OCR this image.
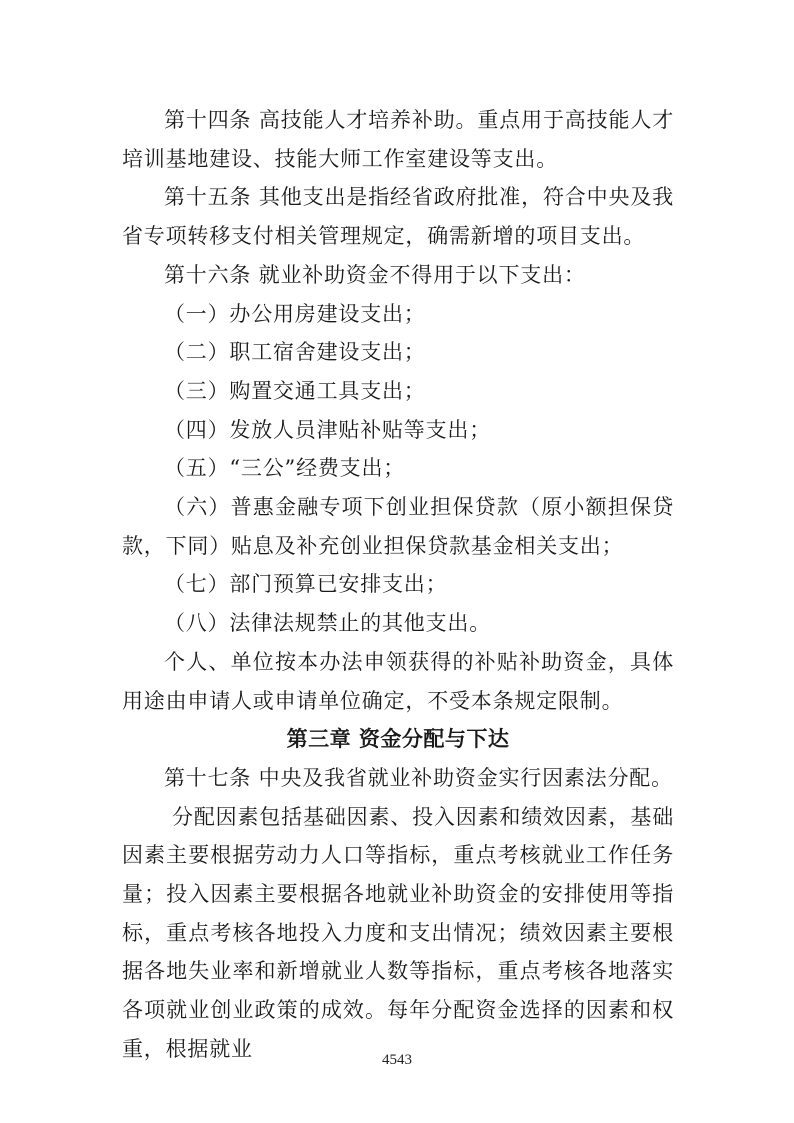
第十四条 高技能人才培养补助。重点用于高技能人才培训基地建设、技能大师工作室建设等支出。

第十五条 其他支出是指经省政府批准，符合中央及我省专项转移支付相关管理规定，确需新增的项目支出。

第十六条 就业补助资金不得用于以下支出：

（一）办公用房建设支出；

（二）职工宿舍建设支出；

（三）购置交通工具支出；

（四）发放人员津贴补贴等支出；

（五）“三公”经费支出；

（六）普惠金融专项下创业担保贷款（原小额担保贷款，下同）贴息及补充创业担保贷款基金相关支出；

（七）部门预算已安排支出；

（八）法律法规禁止的其他支出。

个人、单位按本办法申领获得的补贴补助资金，具体用途由申请人或申请单位确定，不受本条规定限制。

第三章 资金分配与下达

第十七条 中央及我省就业补助资金实行因素法分配。

分配因素包括基础因素、投入因素和绩效因素，基础因素主要根据劳动力人口等指标，重点考核就业工作任务量；投入因素主要根据各地就业补助资金的安排使用等指标，重点考核各地投入力度和支出情况；绩效因素主要根据各地失业率和新增就业人数等指标，重点考核各地落实各项就业创业政策的成效。每年分配资金选择的因素和权重，根据就业	4543
